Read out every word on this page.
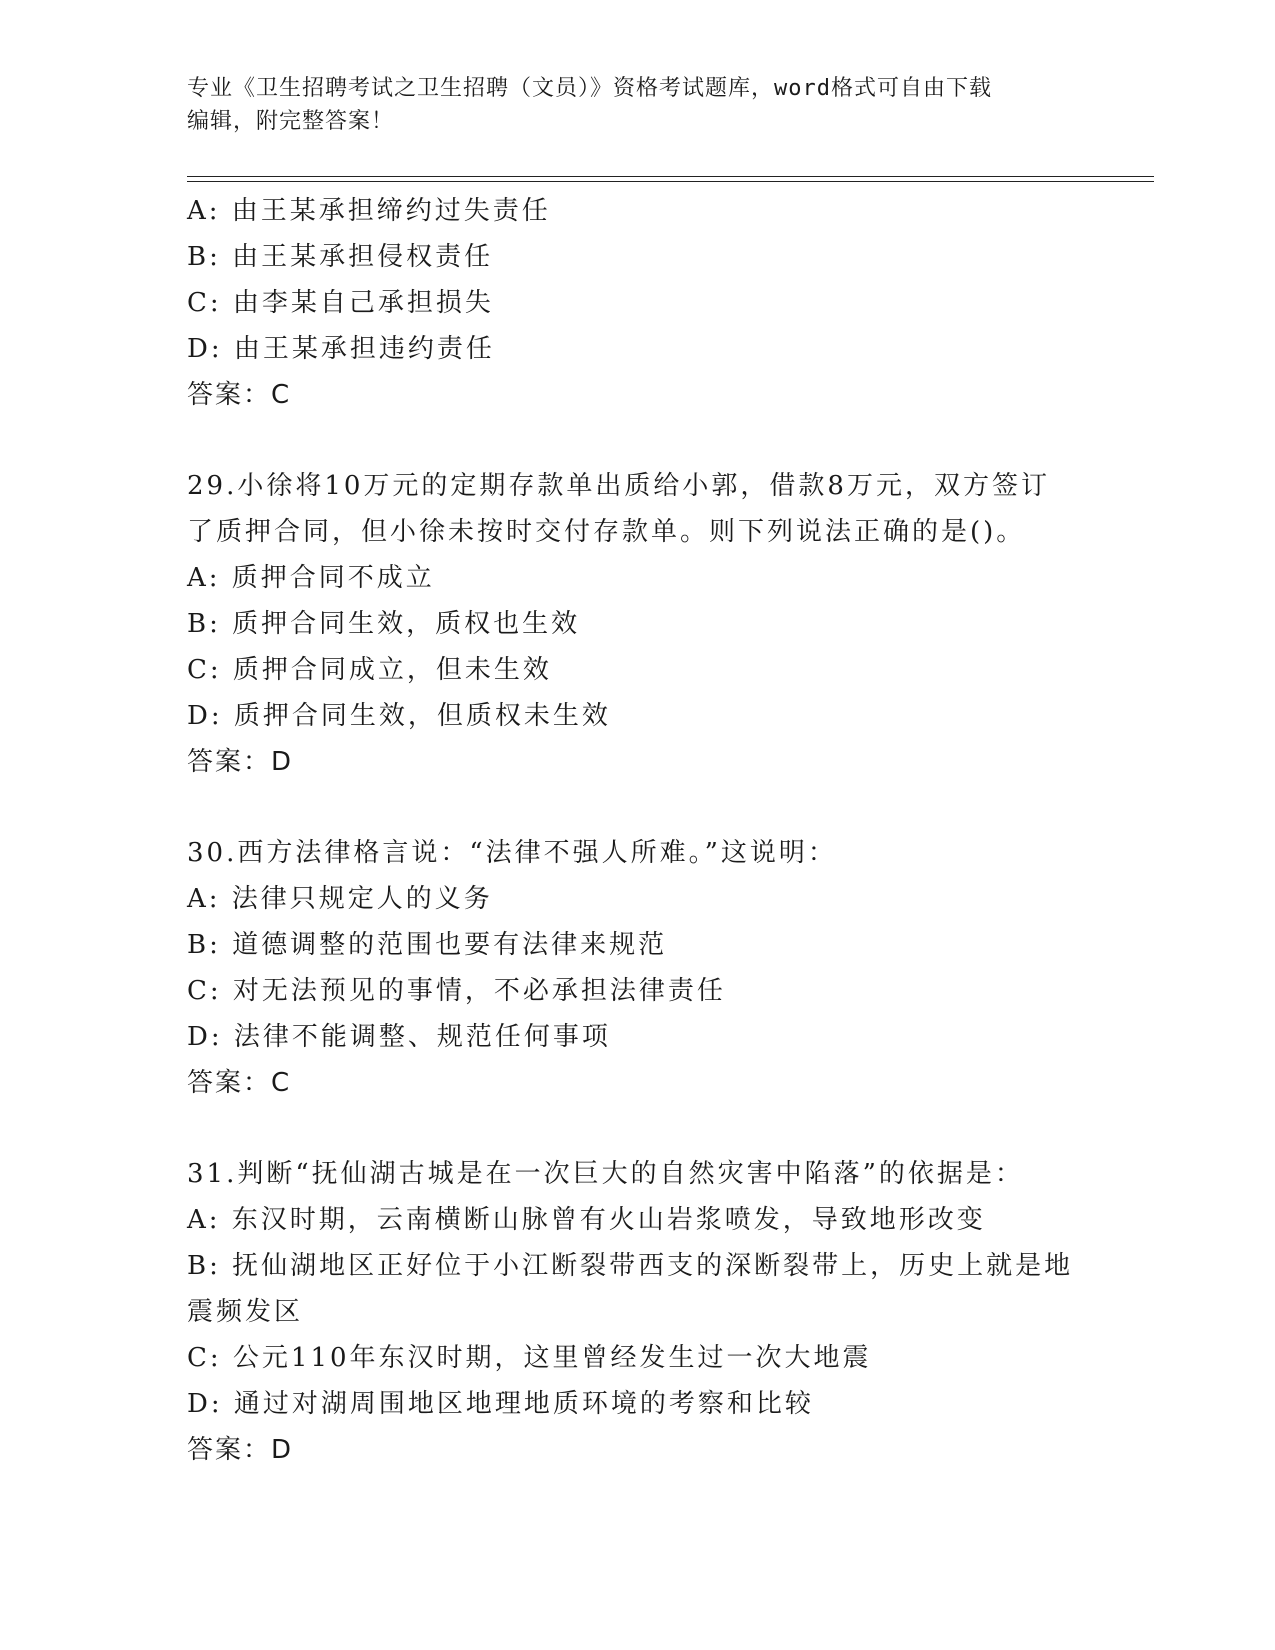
专业《卫生招聘考试之卫生招聘（文员）》资格考试题库，word格式可自由下载
编辑，附完整答案！
A: 由王某承担缔约过失责任
B: 由王某承担侵权责任
C: 由李某自己承担损失
D: 由王某承担违约责任
答案：C
29.小徐将10万元的定期存款单出质给小郭，借款8万元，双方签订
了质押合同，但小徐未按时交付存款单。则下列说法正确的是()。
A: 质押合同不成立
B: 质押合同生效，质权也生效
C: 质押合同成立，但未生效
D: 质押合同生效，但质权未生效
答案：D
30.西方法律格言说：“法律不强人所难。”这说明：
A: 法律只规定人的义务
B: 道德调整的范围也要有法律来规范
C: 对无法预见的事情，不必承担法律责任
D: 法律不能调整、规范任何事项
答案：C
31.判断“抚仙湖古城是在一次巨大的自然灾害中陷落”的依据是：
A: 东汉时期，云南横断山脉曾有火山岩浆喷发，导致地形改变
B: 抚仙湖地区正好位于小江断裂带西支的深断裂带上，历史上就是地
震频发区
C: 公元110年东汉时期，这里曾经发生过一次大地震
D: 通过对湖周围地区地理地质环境的考察和比较
答案：D
